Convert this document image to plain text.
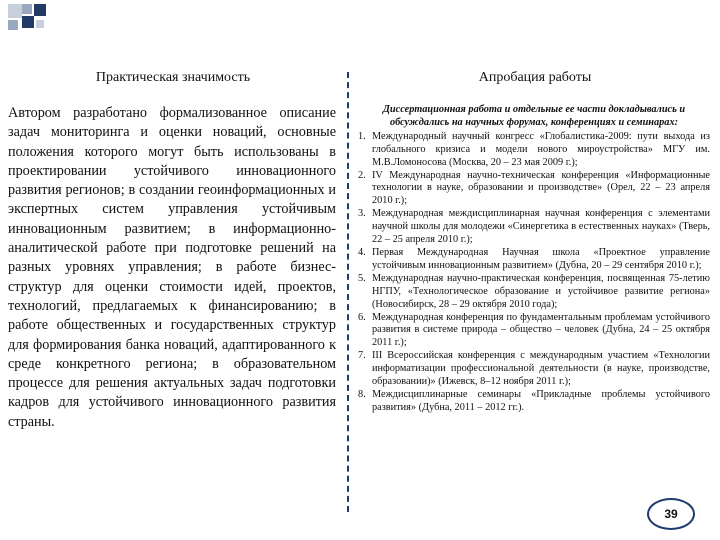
Практическая значимость	Апробация работы
Автором разработано формализованное описание задач мониторинга и оценки новаций, основные положения которого могут быть использованы в проектировании устойчивого инновационного развития регионов; в создании геоинформационных и экспертных систем управления устойчивым инновационным развитием; в информационно-аналитической работе при подготовке решений на разных уровнях управления; в работе бизнес-структур для оценки стоимости идей, проектов, технологий, предлагаемых к финансированию; в работе общественных и государственных структур для формирования банка новаций, адаптированного к среде конкретного региона; в образовательном процессе для решения актуальных задач подготовки кадров для устойчивого инновационного развития страны.
Диссертационная работа и отдельные ее части докладывались и обсуждались на научных форумах, конференциях и семинарах:
1. Международный научный конгресс «Глобалистика-2009: пути выхода из глобального кризиса и модели нового мироустройства» МГУ им. М.В.Ломоносова (Москва, 20 – 23 мая 2009 г.);
2. IV Международная научно-техническая конференция «Информационные технологии в науке, образовании и производстве» (Орел, 22 – 23 апреля 2010 г.);
3. Международная междисциплинарная научная конференция с элементами научной школы для молодежи «Синергетика в естественных науках» (Тверь, 22 – 25 апреля 2010 г.);
4. Первая Международная Научная школа «Проектное управление устойчивым инновационным развитием» (Дубна, 20 – 29 сентября 2010 г.);
5. Международная научно-практическая конференция, посвященная 75-летию НГПУ, «Технологическое образование и устойчивое развитие региона» (Новосибирск, 28 – 29 октября 2010 года);
6. Международная конференция по фундаментальным проблемам устойчивого развития в системе природа – общество – человек (Дубна, 24 – 25 октября 2011 г.);
7. III Всероссийская конференция с международным участием «Технологии информатизации профессиональной деятельности (в науке, производстве, образовании)» (Ижевск, 8–12 ноября 2011 г.);
8. Междисциплинарные семинары «Прикладные проблемы устойчивого развития» (Дубна, 2011 – 2012 гг.).
39
